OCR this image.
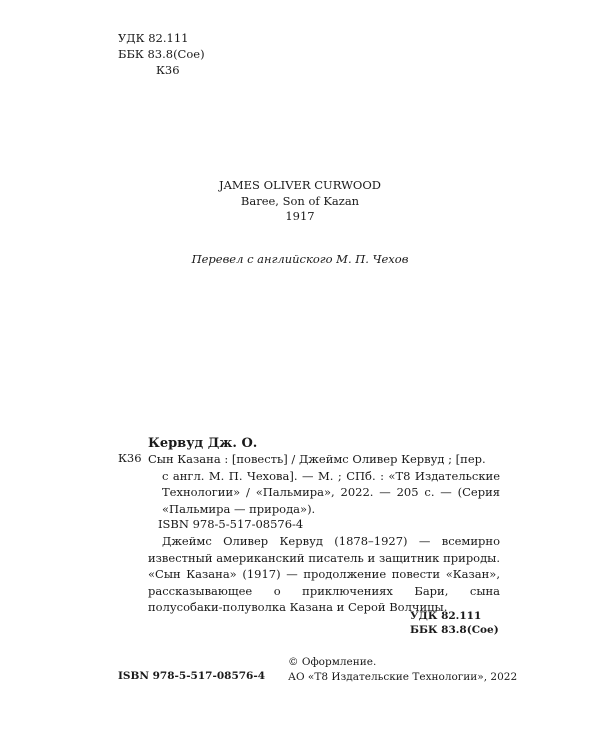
УДК 82.111
ББК 83.8(Сое)
К36
JAMES OLIVER CURWOOD
Baree, Son of Kazan
1917
Перевел с английского М. П. Чехов
Кервуд Дж. О.
К36 Сын Казана : [повесть] / Джеймс Оливер Кервуд ; [пер.
с англ. М. П. Чехова]. — М. ; СПб. : «Т8 Издательские Технологии» / «Пальмира», 2022. — 205 с. — (Серия «Пальмира — природа»).
ISBN 978-5-517-08576-4
Джеймс Оливер Кервуд (1878–1927) — всемирно известный американский писатель и защитник природы. «Сын Казана» (1917) — продолжение повести «Казан», рассказывающее о приключениях Бари, сына полусобаки-полуволка Казана и Серой Волчицы.
УДК 82.111
ББК 83.8(Сое)
ISBN 978-5-517-08576-4
© Оформление.
АО «Т8 Издательские Технологии», 2022
